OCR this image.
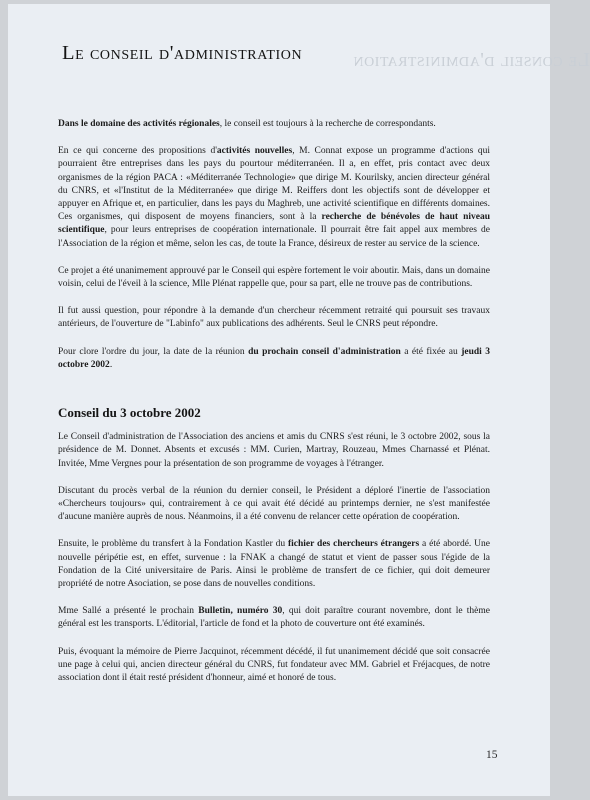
Le conseil d'administration
Le conseil d'administration

Dans le domaine des activités régionales, le conseil est toujours à la recherche de correspondants.

En ce qui concerne des propositions d'activités nouvelles, M. Connat expose un programme d'actions qui pourraient être entreprises dans les pays du pourtour méditerranéen. Il a, en effet, pris contact avec deux organismes de la région PACA : «Méditerranée Technologie» que dirige M. Kourilsky, ancien directeur général du CNRS, et «l'Institut de la Méditerranée» que dirige M. Reiffers dont les objectifs sont de développer et appuyer en Afrique et, en particulier, dans les pays du Maghreb, une activité scientifique en différents domaines. Ces organismes, qui disposent de moyens financiers, sont à la recherche de bénévoles de haut niveau scientifique, pour leurs entreprises de coopération internationale. Il pourrait être fait appel aux membres de l'Association de la région et même, selon les cas, de toute la France, désireux de rester au service de la science.

Ce projet a été unanimement approuvé par le Conseil qui espère fortement le voir aboutir. Mais, dans un domaine voisin, celui de l'éveil à la science, Mlle Plénat rappelle que, pour sa part, elle ne trouve pas de contributions.

Il fut aussi question, pour répondre à la demande d'un chercheur récemment retraité qui poursuit ses travaux antérieurs, de l'ouverture de "Labinfo" aux publications des adhérents. Seul le CNRS peut répondre.

Pour clore l'ordre du jour, la date de la réunion du prochain conseil d'administration a été fixée au jeudi 3 octobre 2002.

Conseil du 3 octobre 2002

Le Conseil d'administration de l'Association des anciens et amis du CNRS s'est réuni, le 3 octobre 2002, sous la présidence de M. Donnet. Absents et excusés : MM. Curien, Martray, Rouzeau, Mmes Charnassé et Plénat. Invitée, Mme Vergnes pour la présentation de son programme de voyages à l'étranger.

Discutant du procès verbal de la réunion du dernier conseil, le Président a déploré l'inertie de l'association «Chercheurs toujours» qui, contrairement à ce qui avait été décidé au printemps dernier, ne s'est manifestée d'aucune manière auprès de nous. Néanmoins, il a été convenu de relancer cette opération de coopération.

Ensuite, le problème du transfert à la Fondation Kastler du fichier des chercheurs étrangers a été abordé. Une nouvelle péripétie est, en effet, survenue : la FNAK a changé de statut et vient de passer sous l'égide de la Fondation de la Cité universitaire de Paris. Ainsi le problème de transfert de ce fichier, qui doit demeurer propriété de notre Asociation, se pose dans de nouvelles conditions.

Mme Sallé a présenté le prochain Bulletin, numéro 30, qui doit paraître courant novembre, dont le thème général est les transports. L'éditorial, l'article de fond et la photo de couverture ont été examinés.

Puis, évoquant la mémoire de Pierre Jacquinot, récemment décédé, il fut unanimement décidé que soit consacrée une page à celui qui, ancien directeur général du CNRS, fut fondateur avec MM. Gabriel et Fréjacques, de notre association dont il était resté président d'honneur, aimé et honoré de tous.

15
